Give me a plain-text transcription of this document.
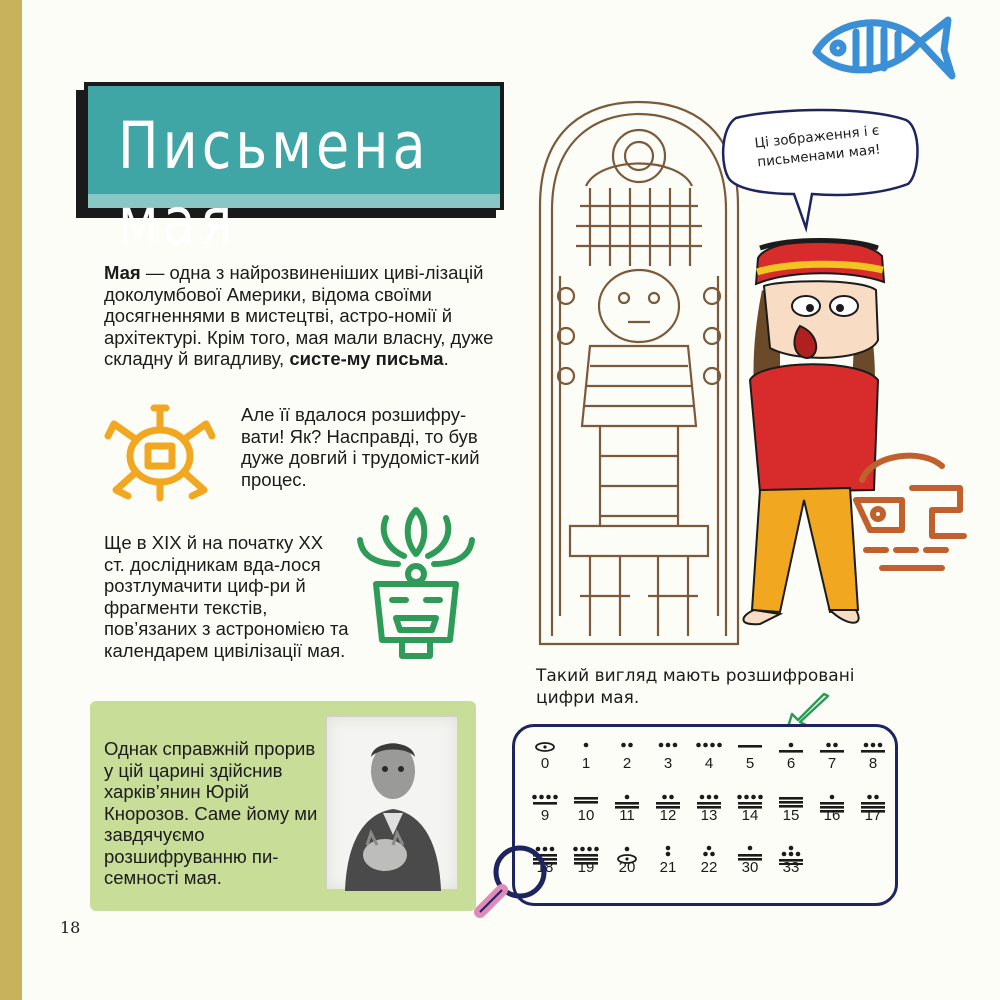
Письмена мая
Мая — одна з найрозвиненіших циві-лізацій доколумбової Америки, відома своїми досягненнями в мистецтві, астро-номії й архітектурі. Крім того, мая мали власну, дуже складну й вигадливу, систе-му письма.
Але її вдалося розшифру-вати! Як? Насправді, то був дуже довгий і трудоміст-кий процес.
Ще в XIX й на початку XX ст. дослідникам вда-лося розтлумачити циф-ри й фрагменти текстів, пов’язаних з астрономією та календарем цивілізації мая.
Однак справжній прорив у цій царині здійснив харків’янин Юрій Кнорозов. Саме йому ми завдячуємо розшифруванню пи-семності мая.
Ці зображення і є письменами мая!
Такий вигляд мають розшифровані цифри мая.
0	1	2	3	4	5	6	7	8
9	10	11	12	13	14	15	16	17
18	19	20	21	22	30	33
18
